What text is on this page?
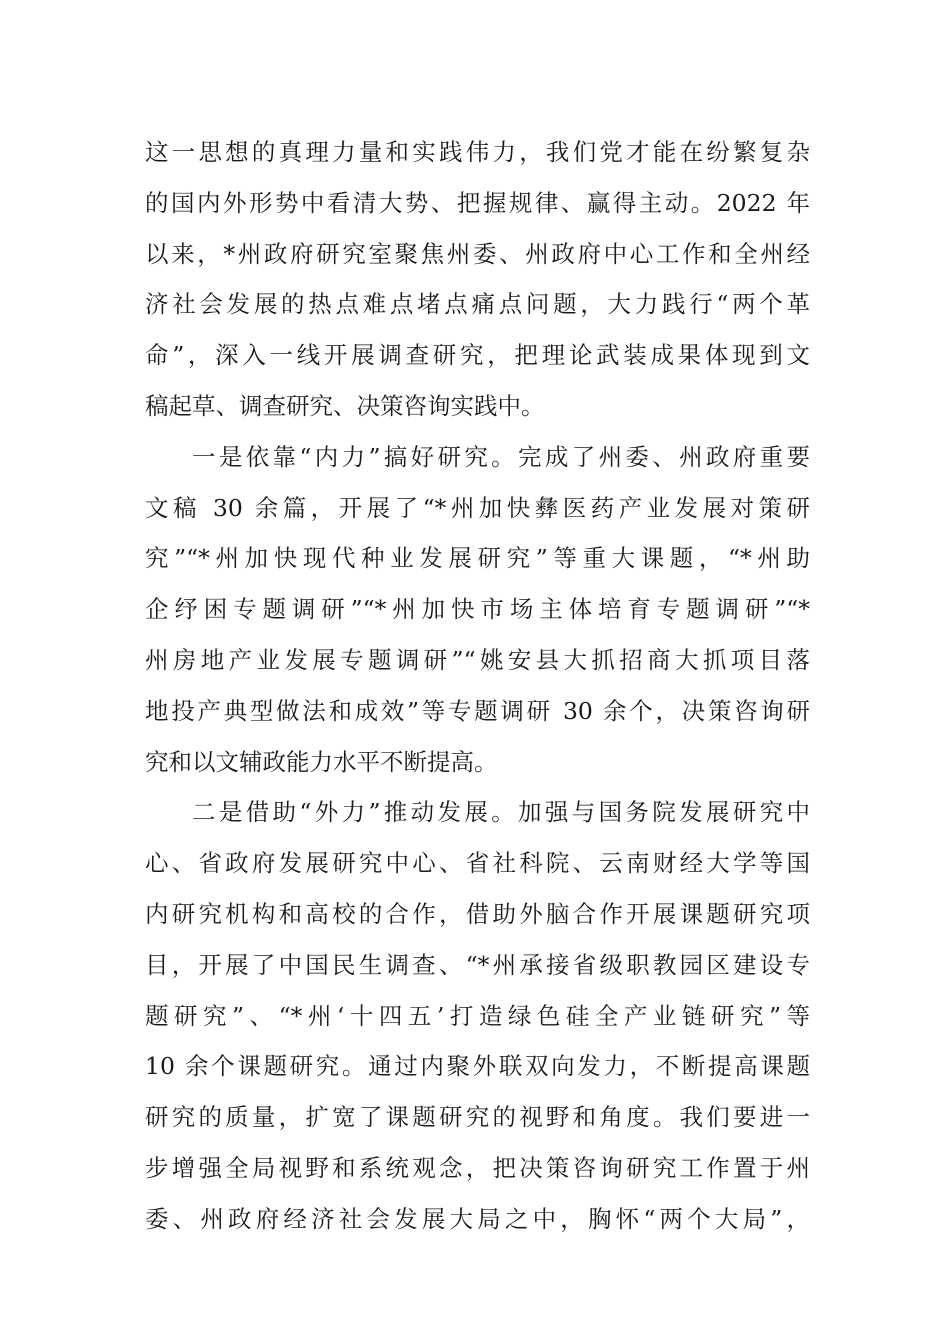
这一思想的真理力量和实践伟力，我们党才能在纷繁复杂
的国内外形势中看清大势、把握规律、赢得主动。2022 年
以来，*州政府研究室聚焦州委、州政府中心工作和全州经
济社会发展的热点难点堵点痛点问题，大力践行“两个革
命”，深入一线开展调查研究，把理论武装成果体现到文
稿起草、调查研究、决策咨询实践中。
一是依靠“内力”搞好研究。完成了州委、州政府重要
文稿 30 余篇，开展了“*州加快彝医药产业发展对策研
究”“*州加快现代种业发展研究”等重大课题，“*州助
企纾困专题调研”“*州加快市场主体培育专题调研”“*
州房地产业发展专题调研”“姚安县大抓招商大抓项目落
地投产典型做法和成效”等专题调研 30 余个，决策咨询研
究和以文辅政能力水平不断提高。
二是借助“外力”推动发展。加强与国务院发展研究中
心、省政府发展研究中心、省社科院、云南财经大学等国
内研究机构和高校的合作，借助外脑合作开展课题研究项
目，开展了中国民生调查、“*州承接省级职教园区建设专
题研究”、“*州‘十四五’打造绿色硅全产业链研究”等
10 余个课题研究。通过内聚外联双向发力，不断提高课题
研究的质量，扩宽了课题研究的视野和角度。我们要进一
步增强全局视野和系统观念，把决策咨询研究工作置于州
委、州政府经济社会发展大局之中，胸怀“两个大局”，
